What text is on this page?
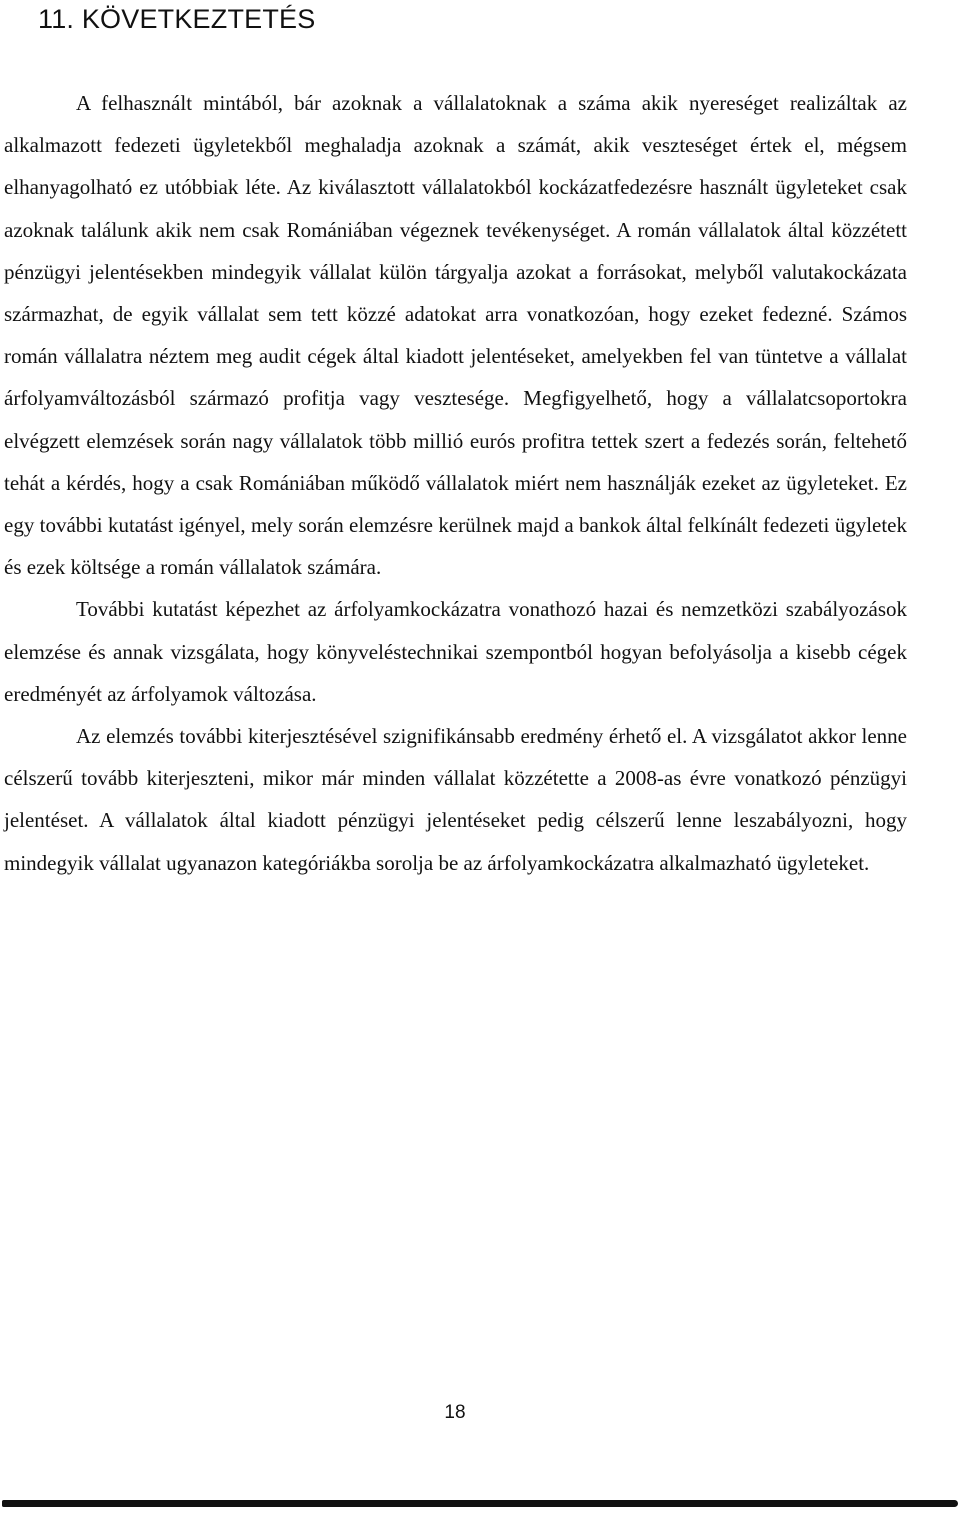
11. KÖVETKEZTETÉS

A felhasznált mintából, bár azoknak a vállalatoknak a száma akik nyereséget realizáltak az alkalmazott fedezeti ügyletekből meghaladja azoknak a számát, akik veszteséget értek el, mégsem elhanyagolható ez utóbbiak léte. Az kiválasztott vállalatokból kockázatfedezésre használt ügyleteket csak azoknak találunk akik nem csak Romániában végeznek tevékenységet. A román vállalatok által közzétett pénzügyi jelentésekben mindegyik vállalat külön tárgyalja azokat a forrásokat, melyből valutakockázata származhat, de egyik vállalat sem tett közzé adatokat arra vonatkozóan, hogy ezeket fedezné. Számos román vállalatra néztem meg audit cégek által kiadott jelentéseket, amelyekben fel van tüntetve a vállalat árfolyamváltozásból származó profitja vagy vesztesége. Megfigyelhető, hogy a vállalatcsoportokra elvégzett elemzések során nagy vállalatok több millió eurós profitra tettek szert a fedezés során, feltehető tehát a kérdés, hogy a csak Romániában működő vállalatok miért nem használják ezeket az ügyleteket. Ez egy további kutatást igényel, mely során elemzésre kerülnek majd a bankok által felkínált fedezeti ügyletek és ezek költsége a román vállalatok számára.

További kutatást képezhet az árfolyamkockázatra vonathozó hazai és nemzetközi szabályozások elemzése és annak vizsgálata, hogy könyveléstechnikai szempontból hogyan befolyásolja a kisebb cégek eredményét az árfolyamok változása.

Az elemzés további kiterjesztésével szignifikánsabb eredmény érhető el. A vizsgálatot akkor lenne célszerű tovább kiterjeszteni, mikor már minden vállalat közzétette a 2008-as évre vonatkozó pénzügyi jelentéset. A vállalatok által kiadott pénzügyi jelentéseket pedig célszerű lenne leszabályozni, hogy mindegyik vállalat ugyanazon kategóriákba sorolja be az árfolyamkockázatra alkalmazható ügyleteket.

18
